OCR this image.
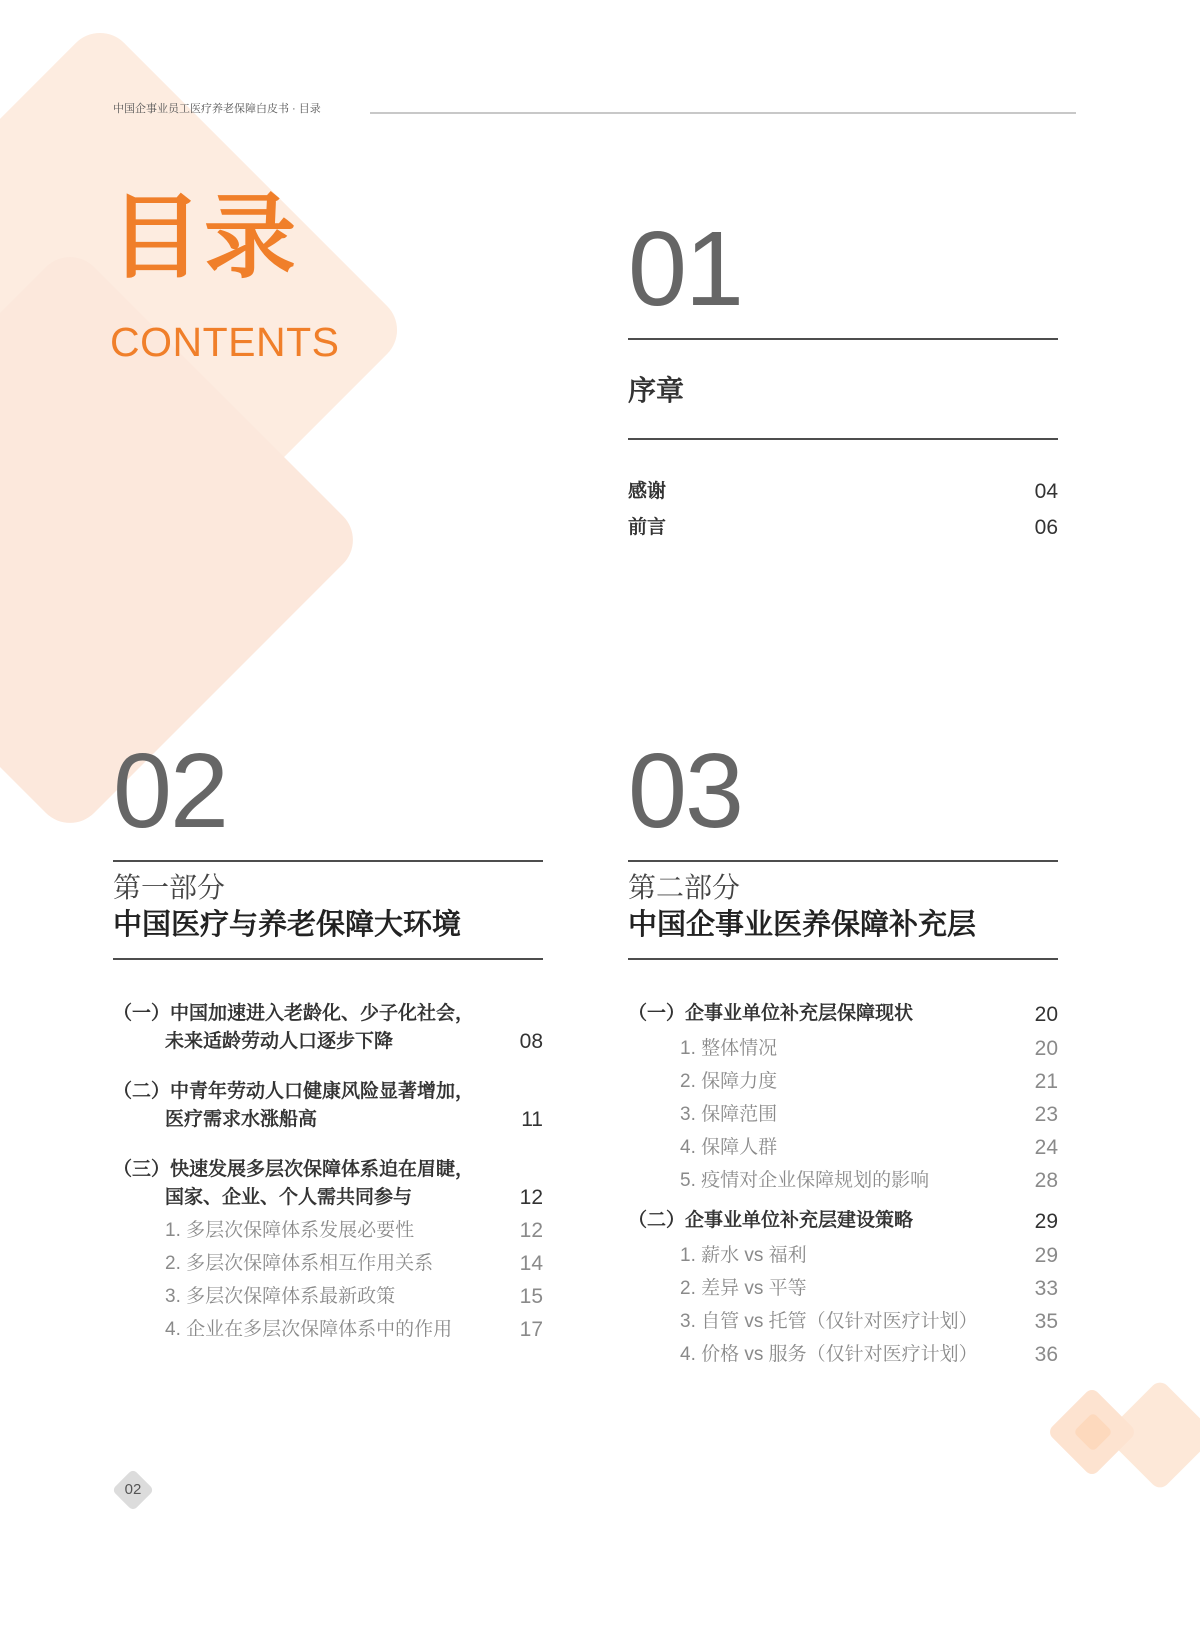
中国企事业员工医疗养老保障白皮书 · 目录
目录
CONTENTS
01
序章
感谢	04
前言	06
02
第一部分
中国医疗与养老保障大环境
（一）中国加速进入老龄化、少子化社会，
未来适龄劳动人口逐步下降	08
（二）中青年劳动人口健康风险显著增加，
医疗需求水涨船高	11
（三）快速发展多层次保障体系迫在眉睫，
国家、企业、个人需共同参与	12
1. 多层次保障体系发展必要性	12
2. 多层次保障体系相互作用关系	14
3. 多层次保障体系最新政策	15
4. 企业在多层次保障体系中的作用	17
03
第二部分
中国企事业医养保障补充层
（一）企事业单位补充层保障现状	20
1. 整体情况	20
2. 保障力度	21
3. 保障范围	23
4. 保障人群	24
5. 疫情对企业保障规划的影响	28
（二）企事业单位补充层建设策略	29
1. 薪水 vs 福利	29
2. 差异 vs 平等	33
3. 自管 vs 托管（仅针对医疗计划）	35
4. 价格 vs 服务（仅针对医疗计划）	36
02
